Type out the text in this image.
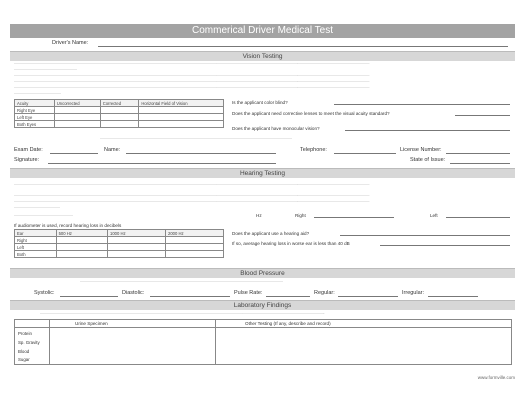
Commerical Driver Medical Test
Driver's Name:
Vision Testing
....................................................................................................................................................................................................................................................................................................................................................................
...............................................................
....................................................................................................................................................................................................................................................................................................................................................................
....................................................................................................................................................................................................................................................................................................................................................................
....................................................................................................................................................................................................................................................................................................................................................................
...............................................
Acuity	Uncorrected	Corrected	Horizontal Field of Vision
Right Eye			
Left Eye			
Both Eyes			
Is the applicant color blind?
Does the applicant need corrective lenses to meet the visual acuity standard?
Does the applicant have monocular vision?
................................................................................................................................................................................................
Exam Date:	Name:	Telephone:	License Number:
Signature:	State of Issue:
Hearing Testing
....................................................................................................................................................................................................................................................................................................................................................................
....................................................................................................................................................................................................................................................................................................................................................................
....................................................................................................................................................................................................................................................................................................................................................................
..............................................
...........................................................	Hz	Right	Left
If audiometer is used, record hearing loss in decibels
Ear	500 Hz	1000 Hz	2000 Hz
Right			
Left			
Both			
Does the applicant use a hearing aid?
If so, average hearing loss in worse ear is less than 40 dB
Blood Pressure
...........................................................................................................................................................................................................
Systolic:	Diastolic:	Pulse Rate:	Regular:	Irregular:
Laboratory Findings
.............................................................................................................................................................................................................................................................................................
Urine Specimen	Other Testing (If any, describe and record)
Protein
Sp. Gravity
Blood
Sugar
www.formville.com
